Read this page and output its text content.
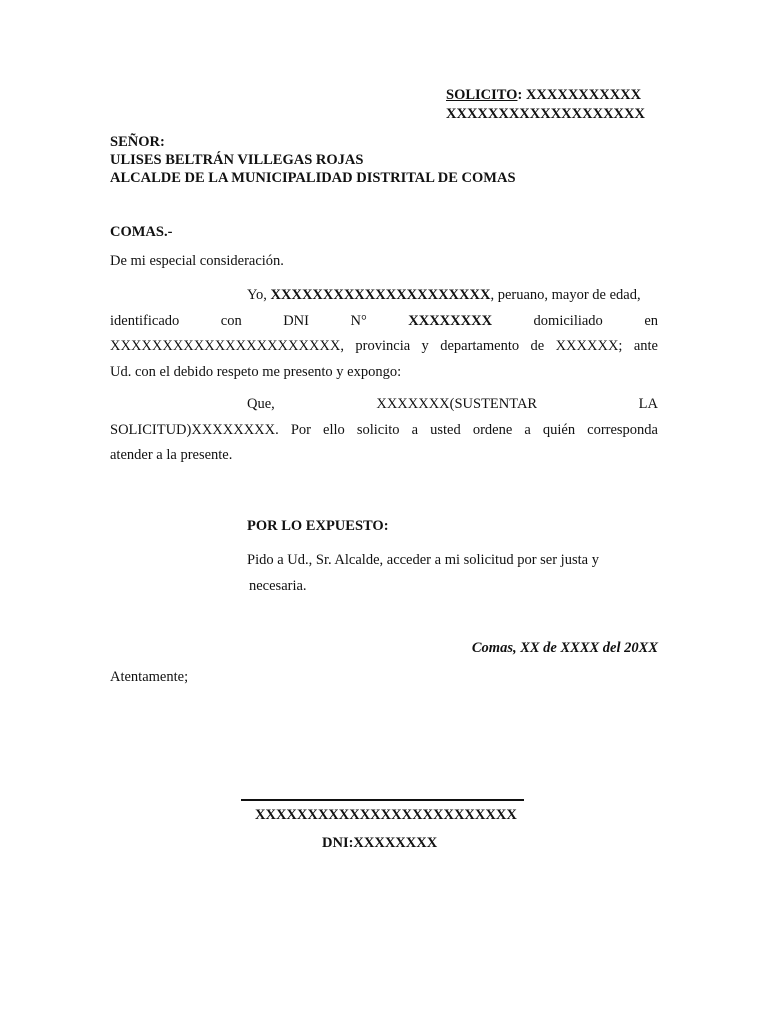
SOLICITO: XXXXXXXXXXX
XXXXXXXXXXXXXXXXXXX
SEÑOR:
ULISES BELTRÁN VILLEGAS ROJAS
ALCALDE DE LA MUNICIPALIDAD DISTRITAL DE COMAS
COMAS.-
De mi especial consideración.
Yo, XXXXXXXXXXXXXXXXXXXXX, peruano, mayor de edad,
identificado	con	DNI	N°	XXXXXXXX	domiciliado	en
XXXXXXXXXXXXXXXXXXXXXX, provincia y departamento de XXXXXX; ante
Ud. con el debido respeto me presento y expongo:
Que,	XXXXXXX(SUSTENTAR	LA
SOLICITUD)XXXXXXXX. Por ello solicito a usted ordene a quién corresponda
atender a la presente.
POR LO EXPUESTO:
Pido a Ud., Sr. Alcalde, acceder a mi solicitud por ser justa y
necesaria.
Comas, XX de XXXX del 20XX
Atentamente;
XXXXXXXXXXXXXXXXXXXXXXXXX
DNI:XXXXXXXX
